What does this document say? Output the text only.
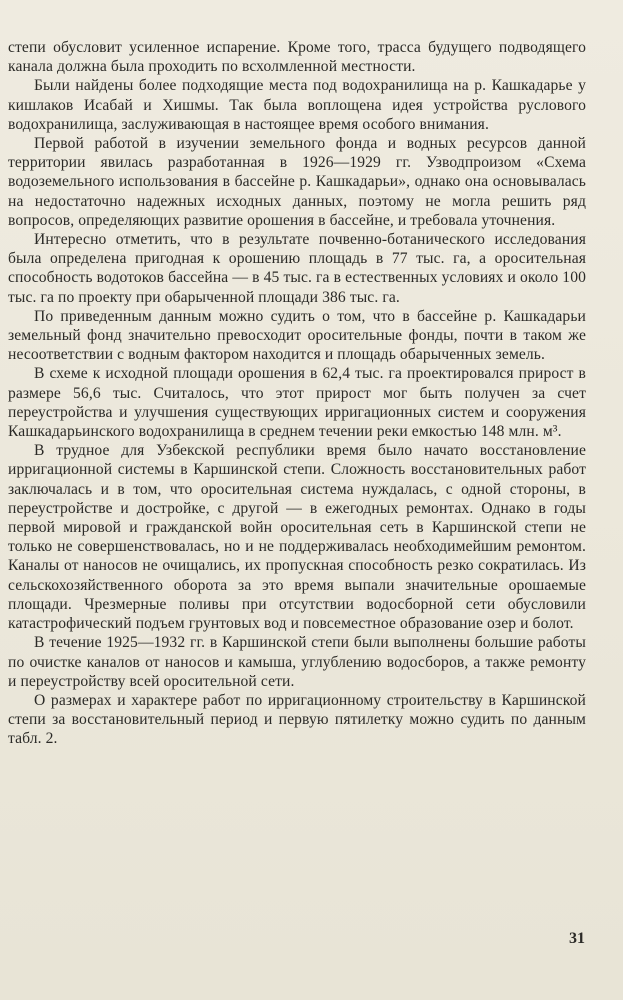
степи обусловит усиленное испарение. Кроме того, трасса будущего подводящего канала должна была проходить по всхолмленной местности.

Были найдены более подходящие места под водохранилища на р. Кашкадарье у кишлаков Исабай и Хишмы. Так была воплощена идея устройства руслового водохранилища, заслуживающая в настоящее время особого внимания.

Первой работой в изучении земельного фонда и водных ресурсов данной территории явилась разработанная в 1926—1929 гг. Узводпроизом «Схема водоземельного использования в бассейне р. Кашкадарьи», однако она основывалась на недостаточно надежных исходных данных, поэтому не могла решить ряд вопросов, определяющих развитие орошения в бассейне, и требовала уточнения.

Интересно отметить, что в результате почвенно-ботанического исследования была определена пригодная к орошению площадь в 77 тыс. га, а оросительная способность водотоков бассейна — в 45 тыс. га в естественных условиях и около 100 тыс. га по проекту при обарыченной площади 386 тыс. га.

По приведенным данным можно судить о том, что в бассейне р. Кашкадарьи земельный фонд значительно превосходит оросительные фонды, почти в таком же несоответствии с водным фактором находится и площадь обарыченных земель.

В схеме к исходной площади орошения в 62,4 тыс. га проектировался прирост в размере 56,6 тыс. Считалось, что этот прирост мог быть получен за счет переустройства и улучшения существующих ирригационных систем и сооружения Кашкадарьинского водохранилища в среднем течении реки емкостью 148 млн. м³.

В трудное для Узбекской республики время было начато восстановление ирригационной системы в Каршинской степи. Сложность восстановительных работ заключалась и в том, что оросительная система нуждалась, с одной стороны, в переустройстве и достройке, с другой — в ежегодных ремонтах. Однако в годы первой мировой и гражданской войн оросительная сеть в Каршинской степи не только не совершенствовалась, но и не поддерживалась необходимейшим ремонтом. Каналы от наносов не очищались, их пропускная способность резко сократилась. Из сельскохозяйственного оборота за это время выпали значительные орошаемые площади. Чрезмерные поливы при отсутствии водосборной сети обусловили катастрофический подъем грунтовых вод и повсеместное образование озер и болот.

В течение 1925—1932 гг. в Каршинской степи были выполнены большие работы по очистке каналов от наносов и камыша, углублению водосборов, а также ремонту и переустройству всей оросительной сети.

О размерах и характере работ по ирригационному строительству в Каршинской степи за восстановительный период и первую пятилетку можно судить по данным табл. 2.

31
